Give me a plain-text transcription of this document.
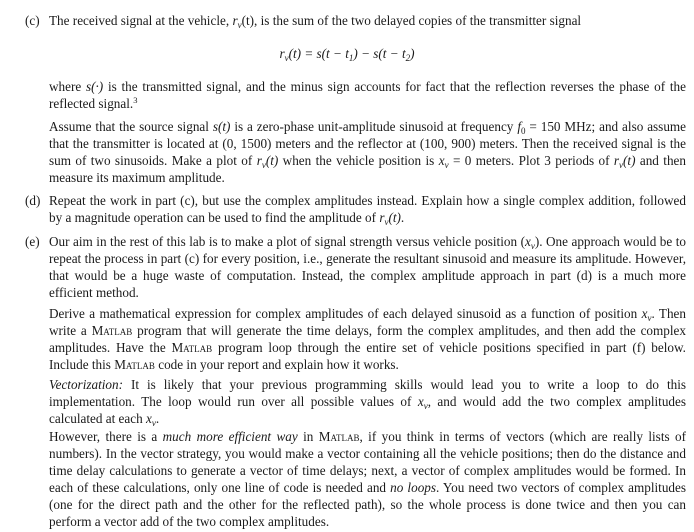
(c) The received signal at the vehicle, $r_v(t)$, is the sum of the two delayed copies of the transmitter signal
$r_v(t) = s(t - t_1) - s(t - t_2)$
where s(·) is the transmitted signal, and the minus sign accounts for fact that the reflection reverses the phase of the reflected signal.$^3$
Assume that the source signal s(t) is a zero-phase unit-amplitude sinusoid at frequency $f_0 = 150$ MHz; and also assume that the transmitter is located at (0, 1500) meters and the reflector at (100, 900) meters. Then the received signal is the sum of two sinusoids. Make a plot of $r_v(t)$ when the vehicle position is $x_v = 0$ meters. Plot 3 periods of $r_v(t)$ and then measure its maximum amplitude.
(d) Repeat the work in part (c), but use the complex amplitudes instead. Explain how a single complex addition, followed by a magnitude operation can be used to find the amplitude of $r_v(t)$.
(e) Our aim in the rest of this lab is to make a plot of signal strength versus vehicle position $(x_v)$. One approach would be to repeat the process in part (c) for every position, i.e., generate the resultant sinusoid and measure its amplitude. However, that would be a huge waste of computation. Instead, the complex amplitude approach in part (d) is a much more efficient method.
Derive a mathematical expression for complex amplitudes of each delayed sinusoid as a function of position $x_v$. Then write a Matlab program that will generate the time delays, form the complex amplitudes, and then add the complex amplitudes. Have the Matlab program loop through the entire set of vehicle positions specified in part (f) below. Include this Matlab code in your report and explain how it works.
Vectorization: It is likely that your previous programming skills would lead you to write a loop to do this implementation. The loop would run over all possible values of $x_v$, and would add the two complex amplitudes calculated at each $x_v$.
However, there is a much more efficient way in Matlab, if you think in terms of vectors (which are really lists of numbers). In the vector strategy, you would make a vector containing all the vehicle positions; then do the distance and time delay calculations to generate a vector of time delays; next, a vector of complex amplitudes would be formed. In each of these calculations, only one line of code is needed and no loops. You need two vectors of complex amplitudes (one for the direct path and the other for the reflected path), so the whole process is done twice and then you can perform a vector add of the two complex amplitudes.
